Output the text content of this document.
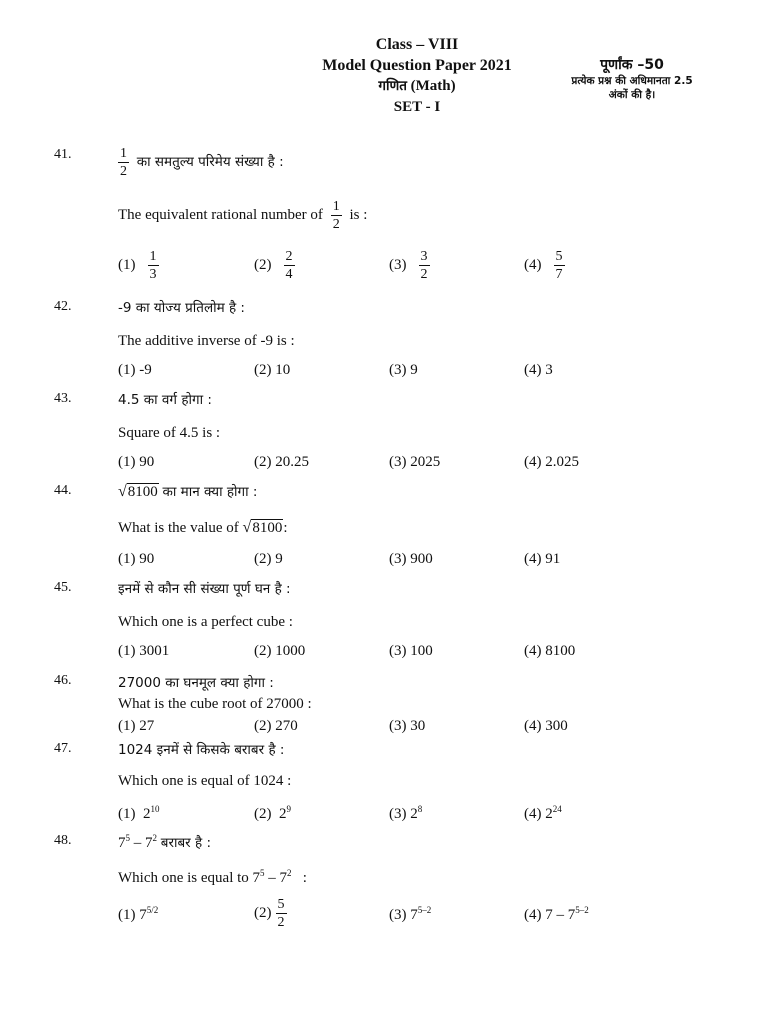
Class – VIII
Model Question Paper 2021
गणित (Math)
SET - I
पूर्णांक –50
प्रत्येक प्रश्न की अधिमानता 2.5
अंकों की है।
41.	$\frac{1}{2}$ का समतुल्य परिमेय संख्या है :
The equivalent rational number of $\frac{1}{2}$ is :
$(1) \frac{1}{3}$	$(2) \frac{2}{4}$	$(3) \frac{3}{2}$	$(4) \frac{5}{7}$
42.	-9 का योज्य प्रतिलोम है :
The additive inverse of -9 is :
(1) -9	(2) 10	(3) 9	(4) 3
43.	4.5 का वर्ग होगा :
Square of 4.5 is :
(1) 90	(2) 20.25	(3) 2025	(4) 2.025
44.	√8100 का मान क्या होगा :
What is the value of √8100:
(1) 90	(2) 9	(3) 900	(4) 91
45.	इनमें से कौन सी संख्या पूर्ण घन है :
Which one is a perfect cube :
(1) 3001	(2) 1000	(3) 100	(4) 8100
46.	27000 का घनमूल क्या होगा :
What is the cube root of 27000 :
(1) 27	(2) 270	(3) 30	(4) 300
47.	1024 इनमें से किसके बराबर है :
Which one is equal of 1024 :
(1) $2^{10}$	(2) $2^9$	(3) $2^8$	(4) $2^{24}$
48.	$7^5 - 7^2$ बराबर है :
Which one is equal to $7^5 - 7^2$ :
(1) $7^{5/2}$	$(2) \frac{5}{2}$	(3) 7$^{5-2}$	(4) 7 – 7$^{5-2}$
